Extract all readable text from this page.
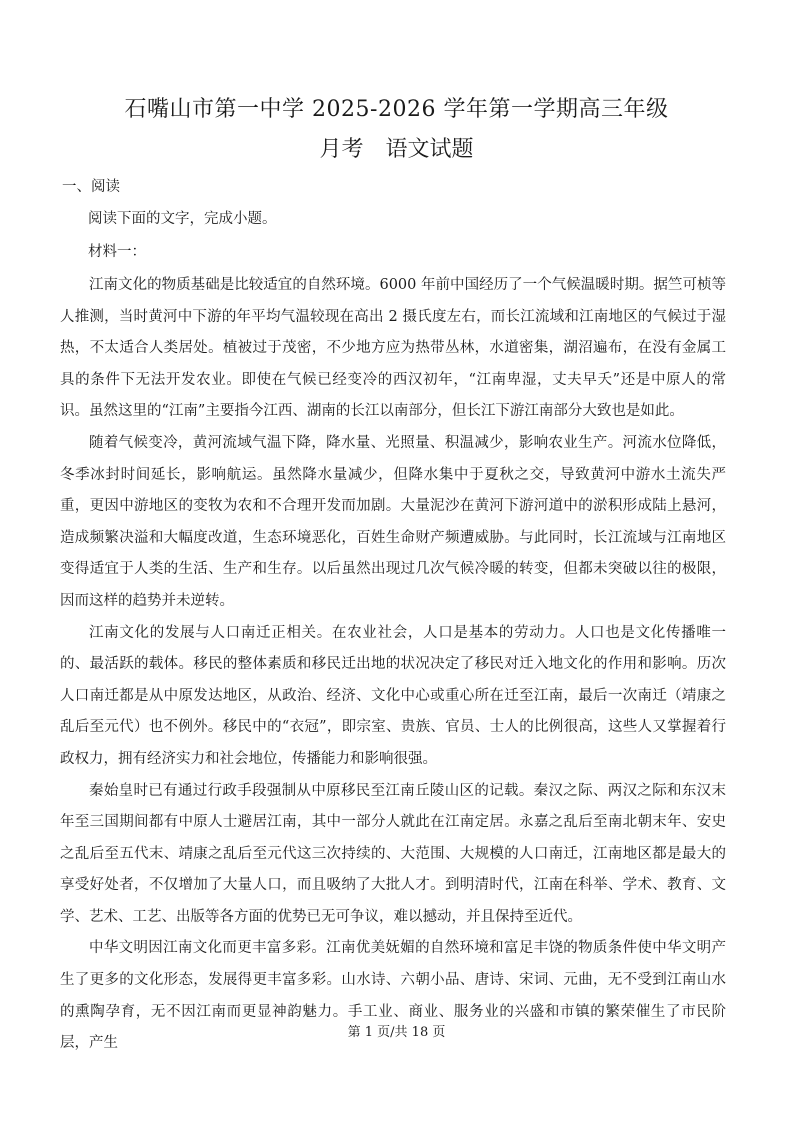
石嘴山市第一中学 2025-2026 学年第一学期高三年级
月考 语文试题
一、阅读
阅读下面的文字，完成小题。
材料一：

江南文化的物质基础是比较适宜的自然环境。6000 年前中国经历了一个气候温暖时期。据竺可桢等人推测，当时黄河中下游的年平均气温较现在高出 2 摄氏度左右，而长江流域和江南地区的气候过于湿热，不太适合人类居处。植被过于茂密，不少地方应为热带丛林，水道密集，湖沼遍布，在没有金属工具的条件下无法开发农业。即使在气候已经变冷的西汉初年，“江南卑湿，丈夫早夭”还是中原人的常识。虽然这里的“江南”主要指今江西、湖南的长江以南部分，但长江下游江南部分大致也是如此。

随着气候变冷，黄河流域气温下降，降水量、光照量、积温减少，影响农业生产。河流水位降低，冬季冰封时间延长，影响航运。虽然降水量减少，但降水集中于夏秋之交，导致黄河中游水土流失严重，更因中游地区的变牧为农和不合理开发而加剧。大量泥沙在黄河下游河道中的淤积形成陆上悬河，造成频繁决溢和大幅度改道，生态环境恶化，百姓生命财产频遭威胁。与此同时，长江流域与江南地区变得适宜于人类的生活、生产和生存。以后虽然出现过几次气候冷暖的转变，但都未突破以往的极限，因而这样的趋势并未逆转。

江南文化的发展与人口南迁正相关。在农业社会，人口是基本的劳动力。人口也是文化传播唯一的、最活跃的载体。移民的整体素质和移民迁出地的状况决定了移民对迁入地文化的作用和影响。历次人口南迁都是从中原发达地区，从政治、经济、文化中心或重心所在迁至江南，最后一次南迁（靖康之乱后至元代）也不例外。移民中的“衣冠”，即宗室、贵族、官员、士人的比例很高，这些人又掌握着行政权力，拥有经济实力和社会地位，传播能力和影响很强。

秦始皇时已有通过行政手段强制从中原移民至江南丘陵山区的记载。秦汉之际、两汉之际和东汉末年至三国期间都有中原人士避居江南，其中一部分人就此在江南定居。永嘉之乱后至南北朝末年、安史之乱后至五代末、靖康之乱后至元代这三次持续的、大范围、大规模的人口南迁，江南地区都是最大的享受好处者，不仅增加了大量人口，而且吸纳了大批人才。到明清时代，江南在科举、学术、教育、文学、艺术、工艺、出版等各方面的优势已无可争议，难以撼动，并且保持至近代。

中华文明因江南文化而更丰富多彩。江南优美妩媚的自然环境和富足丰饶的物质条件使中华文明产生了更多的文化形态，发展得更丰富多彩。山水诗、六朝小品、唐诗、宋词、元曲，无不受到江南山水的熏陶孕育，无不因江南而更显神韵魅力。手工业、商业、服务业的兴盛和市镇的繁荣催生了市民阶层，产生

第 1 页/共 18 页
